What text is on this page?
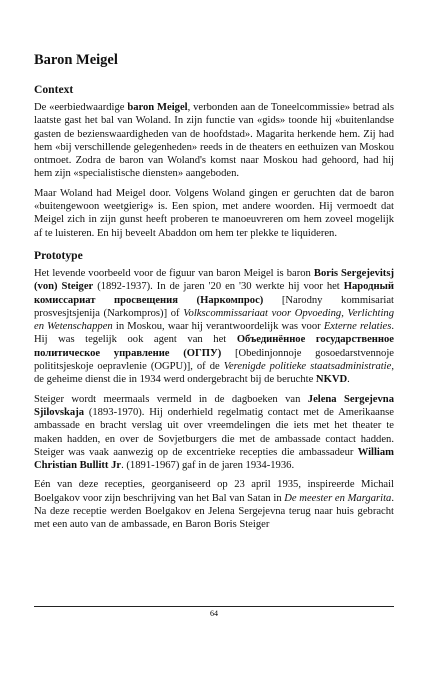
Baron Meigel
Context

De «eerbiedwaardige baron Meigel, verbonden aan de Toneelcommissie» betrad als laatste gast het bal van Woland. In zijn functie van «gids» toonde hij «buitenlandse gasten de bezienswaardigheden van de hoofdstad». Magarita herkende hem. Zij had hem «bij verschillende gelegenheden» reeds in de theaters en eethuizen van Moskou ontmoet. Zodra de baron van Woland's komst naar Moskou had gehoord, had hij hem zijn «specialistische diensten» aangeboden.

Maar Woland had Meigel door. Volgens Woland gingen er geruchten dat de baron «buitengewoon weetgierig» is. Een spion, met andere woorden. Hij vermoedt dat Meigel zich in zijn gunst heeft proberen te manoeuvreren om hem zoveel mogelijk af te luisteren. En hij beveelt Abaddon om hem ter plekke te liquideren.

Prototype

Het levende voorbeeld voor de figuur van baron Meigel is baron Boris Sergejevitsj (von) Steiger (1892-1937). In de jaren '20 en '30 werkte hij voor het Народный комиссариат просвещения (Наркомпрос) [Narodny kommisariat prosvesjtsjenija (Narkompros)] of Volkscommissariaat voor Opvoeding, Verlichting en Wetenschappen in Moskou, waar hij verantwoordelijk was voor Externe relaties. Hij was tegelijk ook agent van het Объединённое государственное политическое управление (ОГПУ) [Obedinjonnoje gosoedarstvennoje polititsjeskoje oepravlenie (OGPU)], of de Verenigde politieke staatsadministratie, de geheime dienst die in 1934 werd ondergebracht bij de beruchte NKVD.

Steiger wordt meermaals vermeld in de dagboeken van Jelena Sergejevna Sjilovskaja (1893-1970). Hij onderhield regelmatig contact met de Amerikaanse ambassade en bracht verslag uit over vreemdelingen die iets met het theater te maken hadden, en over de Sovjetburgers die met de ambassade contact hadden. Steiger was vaak aanwezig op de excentrieke recepties die ambassadeur William Christian Bullitt Jr. (1891-1967) gaf in de jaren 1934-1936.

Eén van deze recepties, georganiseerd op 23 april 1935, inspireerde Michail Boelgakov voor zijn beschrijving van het Bal van Satan in De meester en Margarita. Na deze receptie werden Boelgakov en Jelena Sergejevna terug naar huis gebracht met een auto van de ambassade, en Baron Boris Steiger

64
